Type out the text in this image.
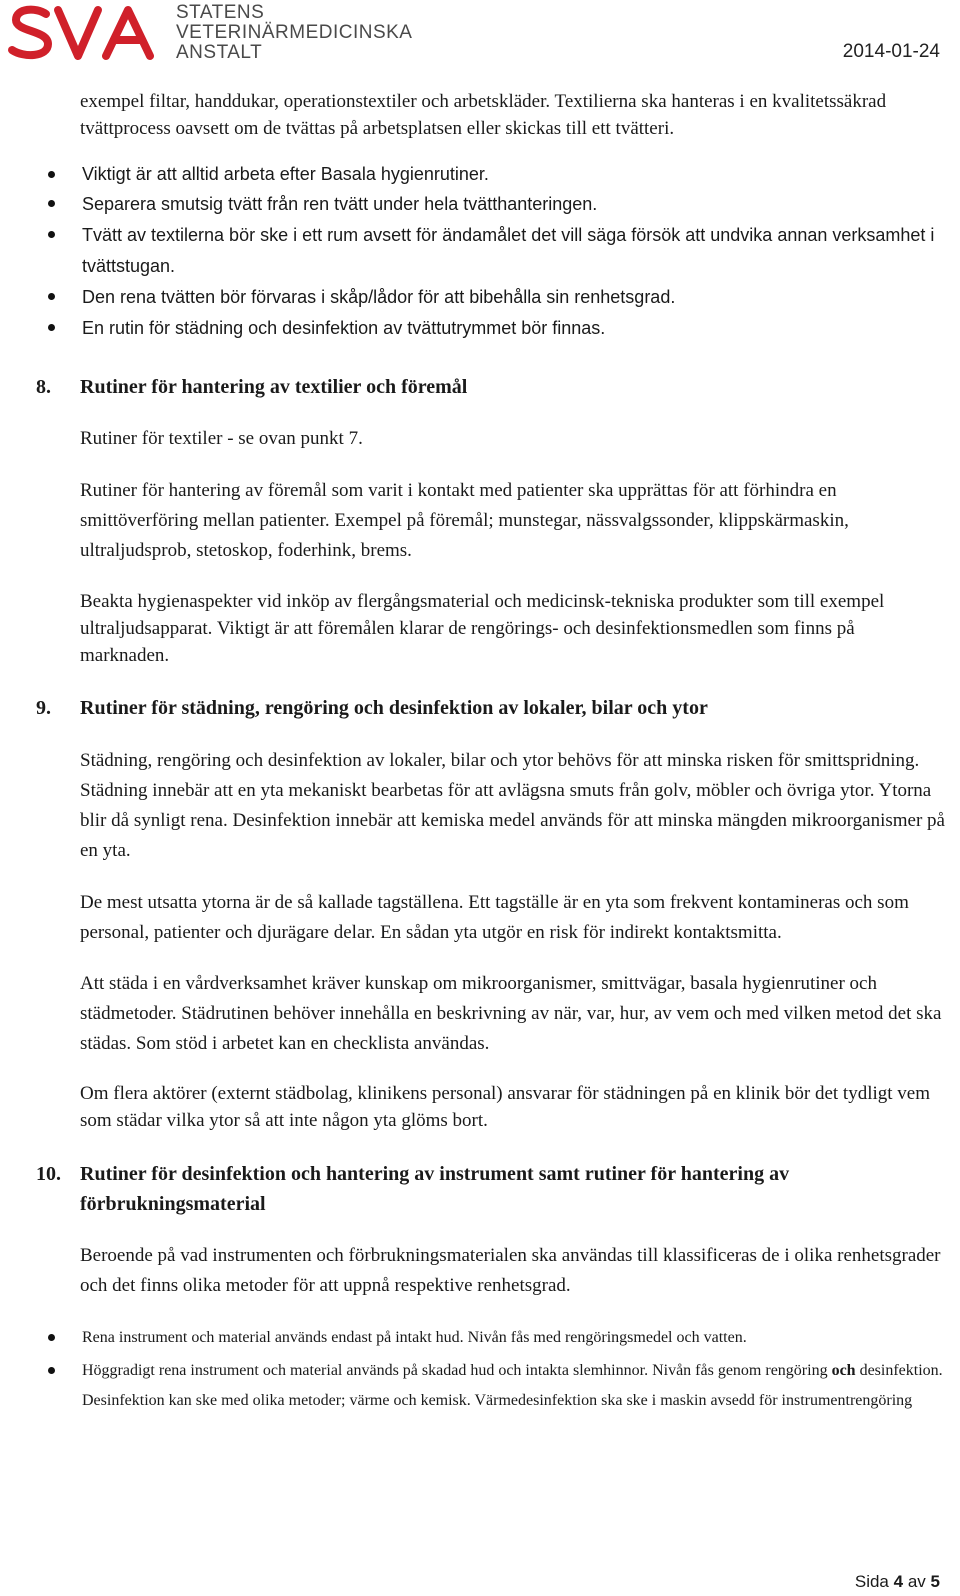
STATENS
VETERINÄRMEDICINSKA
ANSTALT	2014-01-24

exempel filtar, handdukar, operationstextiler och arbetskläder. Textilierna ska hanteras i en kvalitetssäkrad tvättprocess oavsett om de tvättas på arbetsplatsen eller skickas till ett tvätteri.

Viktigt är att alltid arbeta efter Basala hygienrutiner.
Separera smutsig tvätt från ren tvätt under hela tvätthanteringen.
Tvätt av textilerna bör ske i ett rum avsett för ändamålet det vill säga försök att undvika annan verksamhet i tvättstugan.
Den rena tvätten bör förvaras i skåp/lådor för att bibehålla sin renhetsgrad.
En rutin för städning och desinfektion av tvättutrymmet bör finnas.
8. Rutiner för hantering av textilier och föremål

Rutiner för textiler - se ovan punkt 7.

Rutiner för hantering av föremål som varit i kontakt med patienter ska upprättas för att förhindra en smittöverföring mellan patienter. Exempel på föremål; munstegar, nässvalgssonder, klippskärmaskin, ultraljudsprob, stetoskop, foderhink, brems.

Beakta hygienaspekter vid inköp av flergångsmaterial och medicinsk-tekniska produkter som till exempel ultraljudsapparat. Viktigt är att föremålen klarar de rengörings- och desinfektionsmedlen som finns på marknaden.

9. Rutiner för städning, rengöring och desinfektion av lokaler, bilar och ytor

Städning, rengöring och desinfektion av lokaler, bilar och ytor behövs för att minska risken för smittspridning. Städning innebär att en yta mekaniskt bearbetas för att avlägsna smuts från golv, möbler och övriga ytor. Ytorna blir då synligt rena. Desinfektion innebär att kemiska medel används för att minska mängden mikroorganismer på en yta.

De mest utsatta ytorna är de så kallade tagställena. Ett tagställe är en yta som frekvent kontamineras och som personal, patienter och djurägare delar. En sådan yta utgör en risk för indirekt kontaktsmitta.

Att städa i en vårdverksamhet kräver kunskap om mikroorganismer, smittvägar, basala hygienrutiner och städmetoder. Städrutinen behöver innehålla en beskrivning av när, var, hur, av vem och med vilken metod det ska städas. Som stöd i arbetet kan en checklista användas.

Om flera aktörer (externt städbolag, klinikens personal) ansvarar för städningen på en klinik bör det tydligt vem som städar vilka ytor så att inte någon yta glöms bort.

10. Rutiner för desinfektion och hantering av instrument samt rutiner för hantering av förbrukningsmaterial

Beroende på vad instrumenten och förbrukningsmaterialen ska användas till klassificeras de i olika renhetsgrader och det finns olika metoder för att uppnå respektive renhetsgrad.

Rena instrument och material används endast på intakt hud. Nivån fås med rengöringsmedel och vatten.
Höggradigt rena instrument och material används på skadad hud och intakta slemhinnor. Nivån fås genom rengöring och desinfektion. Desinfektion kan ske med olika metoder; värme och kemisk. Värmedesinfektion ska ske i maskin avsedd för instrumentrengöring
Sida 4 av 5
